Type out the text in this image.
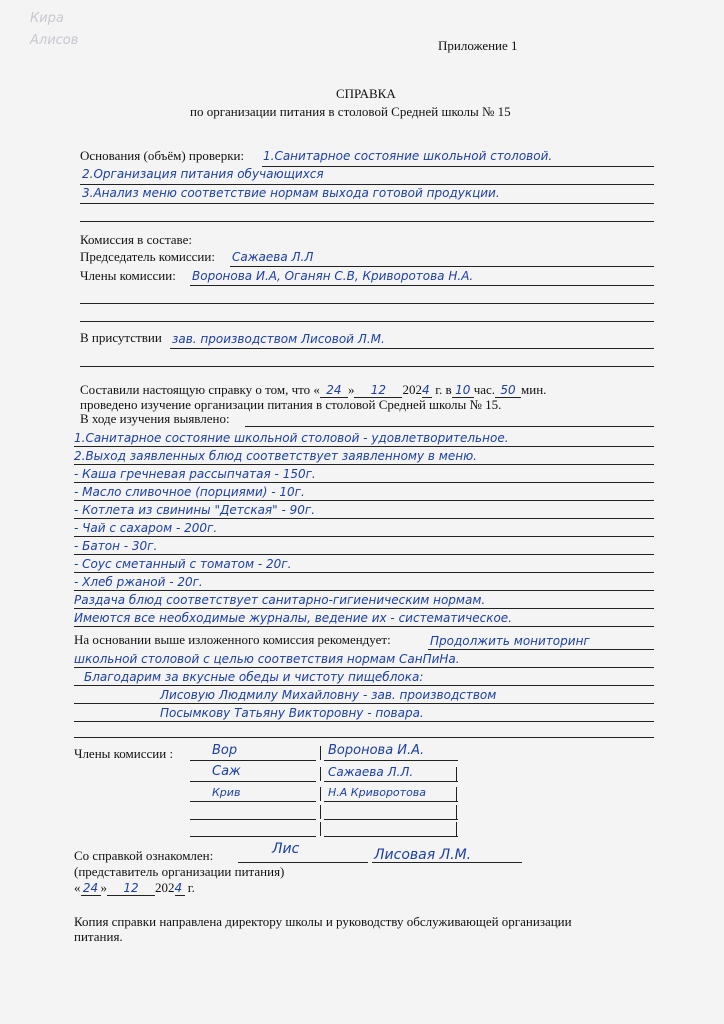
Кира
Алисов	Приложение 1
СПРАВКА
по организации питания в столовой Средней школы № 15
Основания (объём) проверки: 1.Санитарное состояние школьной столовой.
2.Организация питания обучающихся
3.Анализ меню соответствие нормам выхода готовой продукции.
Комиссия в составе:
Председатель комиссии: Сажаева Л.Л
Члены комиссии: Воронова И.А, Оганян С.В, Криворотова Н.А.
В присутствии зав. производством Лисовой Л.М.
Составили настоящую справку о том, что « 24 » 12 2024 г. в 10 час. 50 мин.
проведено изучение организации питания в столовой Средней школы № 15.
В ходе изучения выявлено:
1.Санитарное состояние школьной столовой - удовлетворительное.
2.Выход заявленных блюд соответствует заявленному в меню.
- Каша гречневая рассыпчатая - 150г.
- Масло сливочное (порциями) - 10г.
- Котлета из свинины "Детская" - 90г.
- Чай с сахаром - 200г.
- Батон - 30г.
- Соус сметанный с томатом - 20г.
- Хлеб ржаной - 20г.
Раздача блюд соответствует санитарно-гигиеническим нормам.
Имеются все необходимые журналы, ведение их - систематическое.
На основании выше изложенного комиссия рекомендует:	Продолжить мониторинг
школьной столовой с целью соответствия нормам СанПиНа.
Благодарим за вкусные обеды и чистоту пищеблока:
Лисовую Людмилу Михайловну - зав. производством
Посымкову Татьяну Викторовну - повара.
Члены комиссии :	Вор	Воронова И.А.
Саж	Сажаева Л.Л.
Крив	Н.А Криворотова
Со справкой ознакомлен:	Лис	Лисовая Л.М.
(представитель организации питания)
« 24 » 12 2024 г.
Копия справки направлена директору школы и руководству обслуживающей организации
питания.
